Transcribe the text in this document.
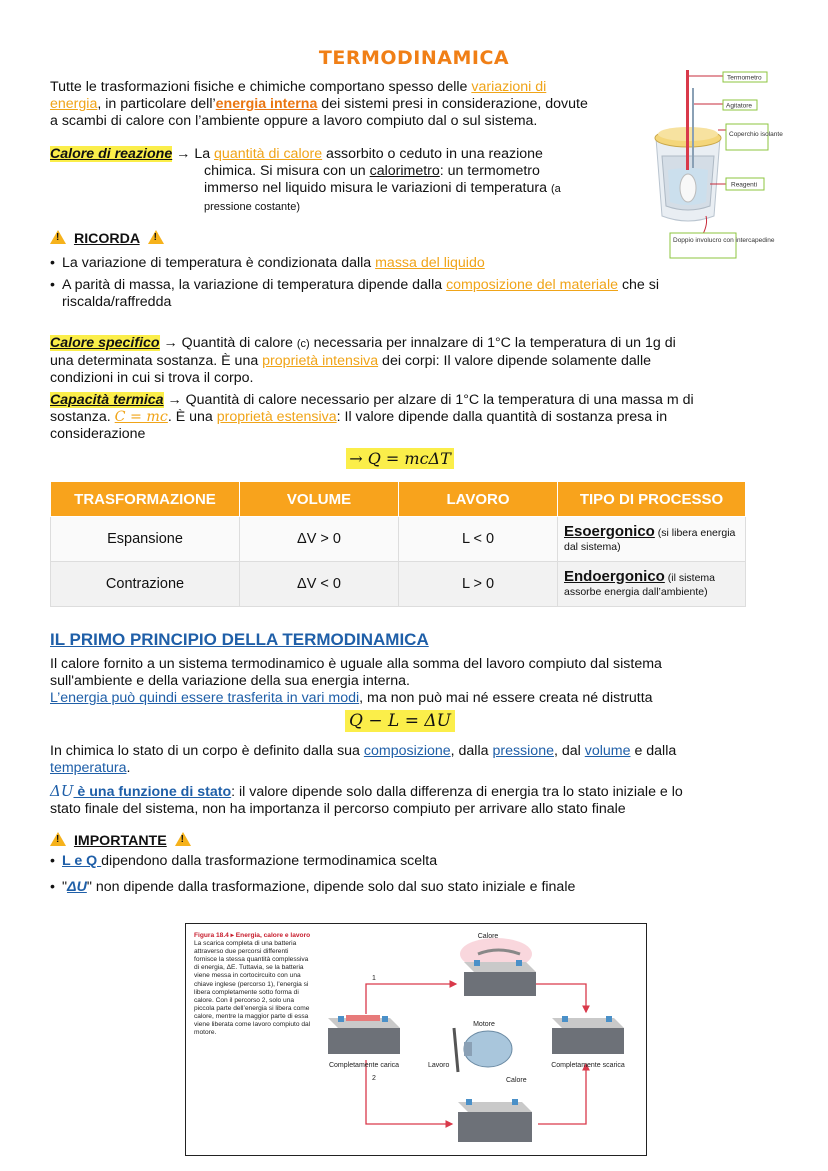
TERMODINAMICA
Tutte le trasformazioni fisiche e chimiche comportano spesso delle variazioni di
energia, in particolare dell’energia interna dei sistemi presi in considerazione, dovute
a scambi di calore con l’ambiente oppure a lavoro compiuto dal o sul sistema.
Termometro
Agitatore
Coperchio isolante
Reagenti
Doppio involucro con intercapedine
Calore di reazione → La quantità di calore assorbito o ceduto in una reazione
chimica. Si misura con un calorimetro: un termometro
immerso nel liquido misura le variazioni di temperatura (a
pressione costante)
! RICORDA !
• La variazione di temperatura è condizionata dalla massa del liquido
• A parità di massa, la variazione di temperatura dipende dalla composizione del materiale che si
riscalda/raffredda
Calore specifico → Quantità di calore (c) necessaria per innalzare di 1°C la temperatura di un 1g di
una determinata sostanza. È una proprietà intensiva dei corpi: Il valore dipende solamente dalle
condizioni in cui si trova il corpo.
Capacità termica → Quantità di calore necessario per alzare di 1°C la temperatura di una massa m di
sostanza. C = mc. È una proprietà estensiva: Il valore dipende dalla quantità di sostanza presa in
considerazione
→ Q = mcΔT
TRASFORMAZIONE	VOLUME	LAVORO	TIPO DI PROCESSO
Espansione	ΔV > 0	L < 0	Esoergonico (si libera energia dal sistema)
Contrazione	ΔV < 0	L > 0	Endoergonico (il sistema assorbe energia dall’ambiente)
IL PRIMO PRINCIPIO DELLA TERMODINAMICA
Il calore fornito a un sistema termodinamico è uguale alla somma del lavoro compiuto dal sistema
sull'ambiente e della variazione della sua energia interna.
L’energia può quindi essere trasferita in vari modi, ma non può mai né essere creata né distrutta
Q − L = ΔU
In chimica lo stato di un corpo è definito dalla sua composizione, dalla pressione, dal volume e dalla
temperatura.
ΔU è una funzione di stato: il valore dipende solo dalla differenza di energia tra lo stato iniziale e lo
stato finale del sistema, non ha importanza il percorso compiuto per arrivare allo stato finale
! IMPORTANTE !
• L e Q dipendono dalla trasformazione termodinamica scelta
• "ΔU" non dipende dalla trasformazione, dipende solo dal suo stato iniziale e finale
Figura 18.4 ▸ Energia, calore e lavoro La scarica completa di una batteria attraverso due percorsi differenti fornisce la stessa quantità complessiva di energia, ΔE. Tuttavia, se la batteria viene messa in cortocircuito con una chiave inglese (percorso 1), l’energia si libera completamente sotto forma di calore. Con il percorso 2, solo una piccola parte dell’energia si libera come calore, mentre la maggior parte di essa viene liberata come lavoro compiuto dal motore.
Calore
1
2
Motore
Completamente carica	Completamente scarica
Lavoro
Calore
